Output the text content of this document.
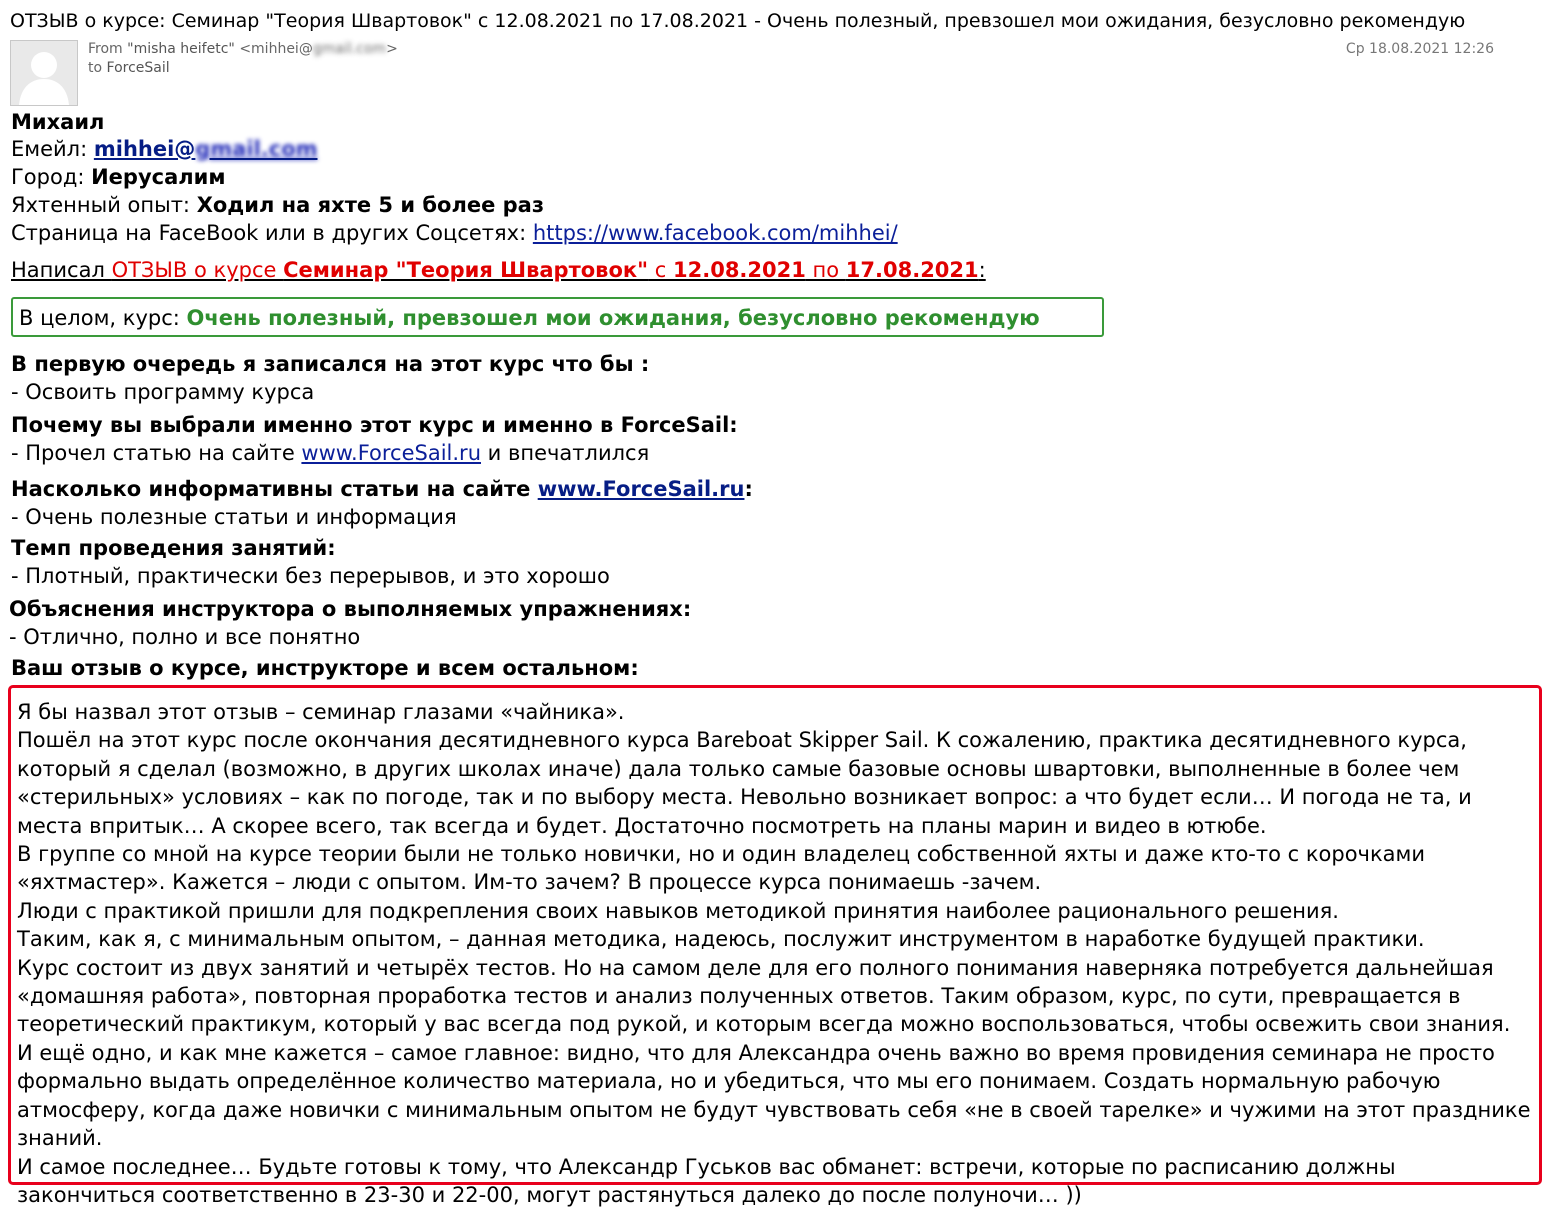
ОТЗЫВ о курсе: Семинар "Теория Швартовок" с 12.08.2021 по 17.08.2021 - Очень полезный, превзошел мои ожидания, безусловно рекомендую
From "misha heifetc" <mihhei@gmail.com>
to ForceSail
Ср 18.08.2021 12:26
Михаил
Емейл: mihhei@gmail.com
Город: Иерусалим
Яхтенный опыт: Ходил на яхте 5 и более раз
Страница на FaceBook или в других Соцсетях: https://www.facebook.com/mihhei/
Написал ОТЗЫВ о курсе Семинар "Теория Швартовок" с 12.08.2021 по 17.08.2021:
В целом, курс: Очень полезный, превзошел мои ожидания, безусловно рекомендую
В первую очередь я записался на этот курс что бы :
- Освоить программу курса
Почему вы выбрали именно этот курс и именно в ForceSail:
- Прочел статью на сайте www.ForceSail.ru и впечатлился
Насколько информативны статьи на сайте www.ForceSail.ru:
- Очень полезные статьи и информация
Темп проведения занятий:
- Плотный, практически без перерывов, и это хорошо
Объяснения инструктора о выполняемых упражнениях:
- Отлично, полно и все понятно
Ваш отзыв о курсе, инструкторе и всем остальном:

Я бы назвал этот отзыв – семинар глазами «чайника».

Пошёл на этот курс после окончания десятидневного курса Bareboat Skipper Sail. К сожалению, практика десятидневного курса, который я сделал (возможно, в других школах иначе) дала только самые базовые основы швартовки, выполненные в более чем «стерильных» условиях – как по погоде, так и по выбору места. Невольно возникает вопрос: а что будет если… И погода не та, и места впритык… А скорее всего, так всегда и будет. Достаточно посмотреть на планы марин и видео в ютюбе.

В группе со мной на курсе теории были не только новички, но и один владелец собственной яхты и даже кто-то с корочками «яхтмастер». Кажется – люди с опытом. Им-то зачем? В процессе курса понимаешь -зачем.

Люди с практикой пришли для подкрепления своих навыков методикой принятия наиболее рационального решения.

Таким, как я, с минимальным опытом, – данная методика, надеюсь, послужит инструментом в наработке будущей практики.

Курс состоит из двух занятий и четырёх тестов. Но на самом деле для его полного понимания наверняка потребуется дальнейшая «домашняя работа», повторная проработка тестов и анализ полученных ответов. Таким образом, курс, по сути, превращается в теоретический практикум, который у вас всегда под рукой, и которым всегда можно воспользоваться, чтобы освежить свои знания.

И ещё одно, и как мне кажется – самое главное: видно, что для Александра очень важно во время провидения семинара не просто формально выдать определённое количество материала, но и убедиться, что мы его понимаем. Создать нормальную рабочую атмосферу, когда даже новички с минимальным опытом не будут чувствовать себя «не в своей тарелке» и чужими на этот празднике знаний.

И самое последнее… Будьте готовы к тому, что Александр Гуськов вас обманет: встречи, которые по расписанию должны закончиться соответственно в 23-30 и 22-00, могут растянуться далеко до после полуночи… ))
